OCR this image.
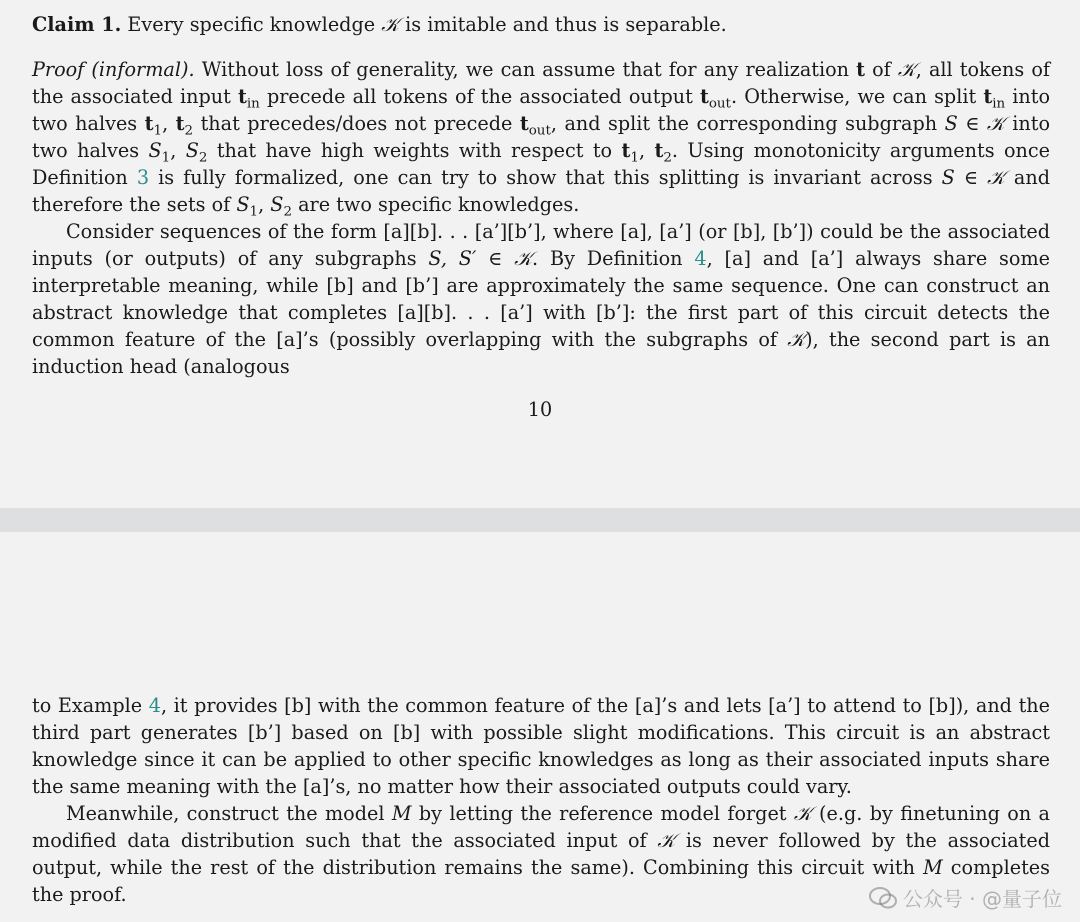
Claim 1. Every specific knowledge 𝒦 is imitable and thus is separable.

Proof (informal). Without loss of generality, we can assume that for any realization t of 𝒦, all tokens of the associated input $t_{in}$ precede all tokens of the associated output $t_{out}$. Otherwise, we can split $t_{in}$ into two halves $t_1$, $t_2$ that precedes/does not precede $t_{out}$, and split the corresponding subgraph S ∈ 𝒦 into two halves $S_1$, $S_2$ that have high weights with respect to $t_1$, $t_2$. Using monotonicity arguments once Definition 3 is fully formalized, one can try to show that this splitting is invariant across S ∈ 𝒦 and therefore the sets of $S_1$, $S_2$ are two specific knowledges.

Consider sequences of the form [a][b]. . . [a’][b’], where [a], [a’] (or [b], [b’]) could be the associated inputs (or outputs) of any subgraphs S, S′ ∈ 𝒦. By Definition 4, [a] and [a’] always share some interpretable meaning, while [b] and [b’] are approximately the same sequence. One can construct an abstract knowledge that completes [a][b]. . . [a’] with [b’]: the first part of this circuit detects the common feature of the [a]’s (possibly overlapping with the subgraphs of 𝒦), the second part is an induction head (analogous

10

to Example 4, it provides [b] with the common feature of the [a]’s and lets [a’] to attend to [b]), and the third part generates [b’] based on [b] with possible slight modifications. This circuit is an abstract knowledge since it can be applied to other specific knowledges as long as their associated inputs share the same meaning with the [a]’s, no matter how their associated outputs could vary.

Meanwhile, construct the model M by letting the reference model forget 𝒦 (e.g. by finetuning on a modified data distribution such that the associated input of 𝒦 is never followed by the associated output, while the rest of the distribution remains the same). Combining this circuit with M completes the proof.	公众号 · @量子位
